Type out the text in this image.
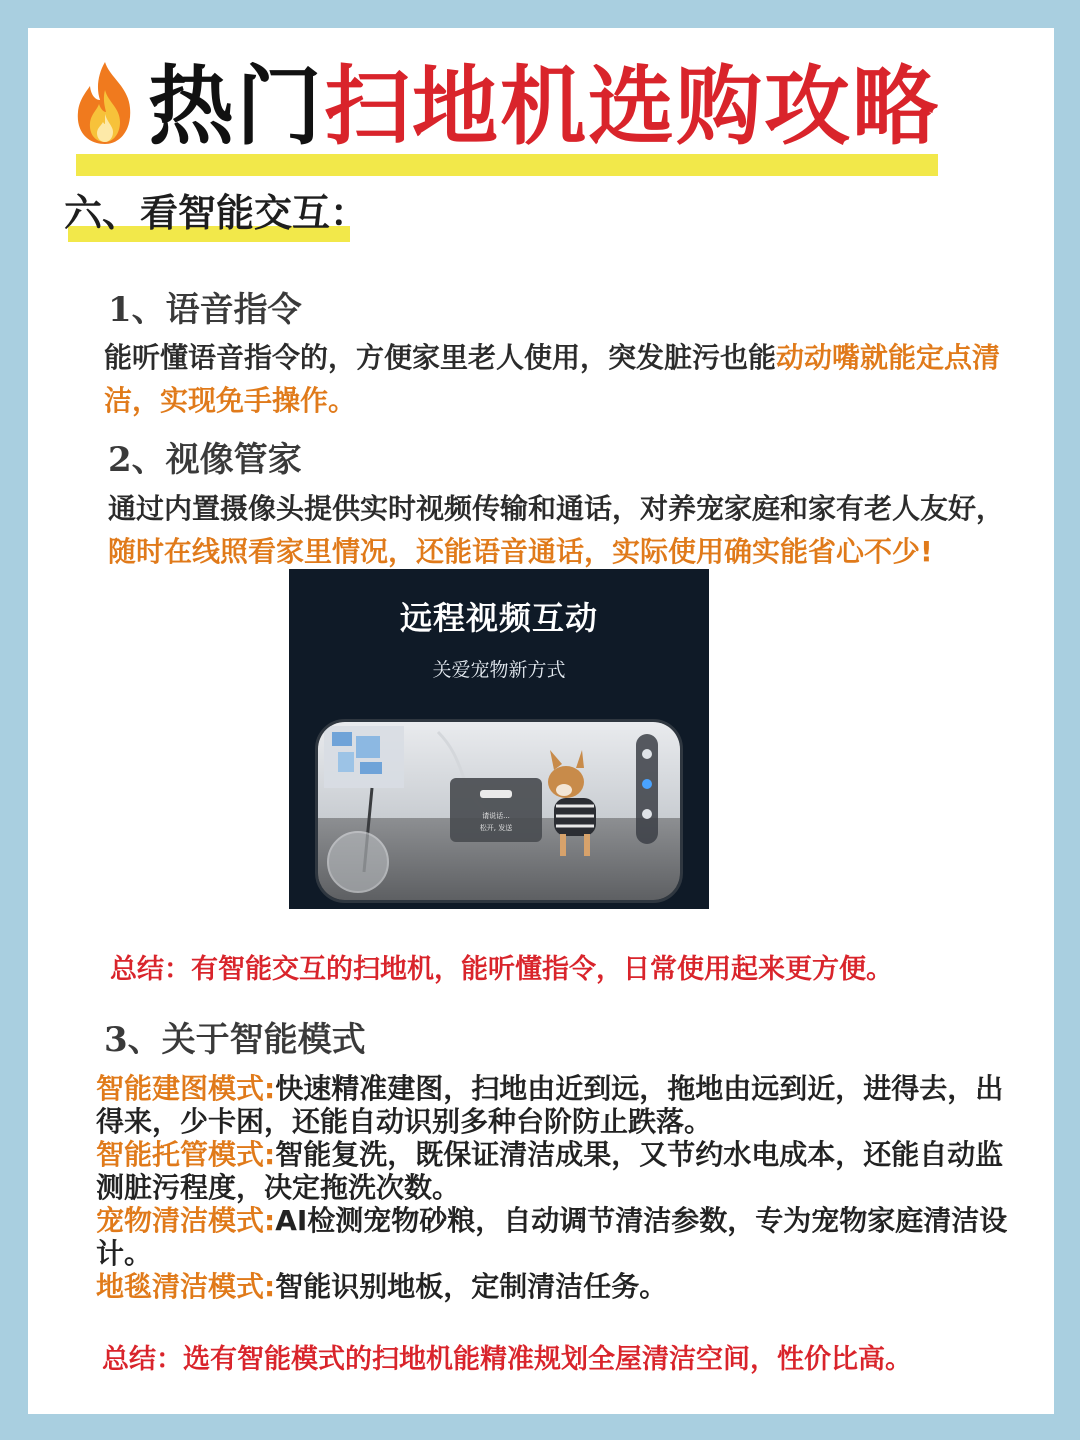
热门扫地机选购攻略
六、看智能交互：
1、语音指令
能听懂语音指令的，方便家里老人使用，突发脏污也能动动嘴就能定点清洁，实现免手操作。
2、视像管家
通过内置摄像头提供实时视频传输和通话，对养宠家庭和家有老人友好，随时在线照看家里情况，还能语音通话，实际使用确实能省心不少!
远程视频互动
关爱宠物新方式
请说话...
松开, 发送
总结：有智能交互的扫地机，能听懂指令，日常使用起来更方便。
3、关于智能模式

智能建图模式:快速精准建图，扫地由近到远，拖地由远到近，进得去，出得来，少卡困，还能自动识别多种台阶防止跌落。

智能托管模式:智能复洗，既保证清洁成果，又节约水电成本，还能自动监测脏污程度，决定拖洗次数。

宠物清洁模式:AI检测宠物砂粮，自动调节清洁参数，专为宠物家庭清洁设计。

地毯清洁模式:智能识别地板，定制清洁任务。

总结：选有智能模式的扫地机能精准规划全屋清洁空间，性价比高。
